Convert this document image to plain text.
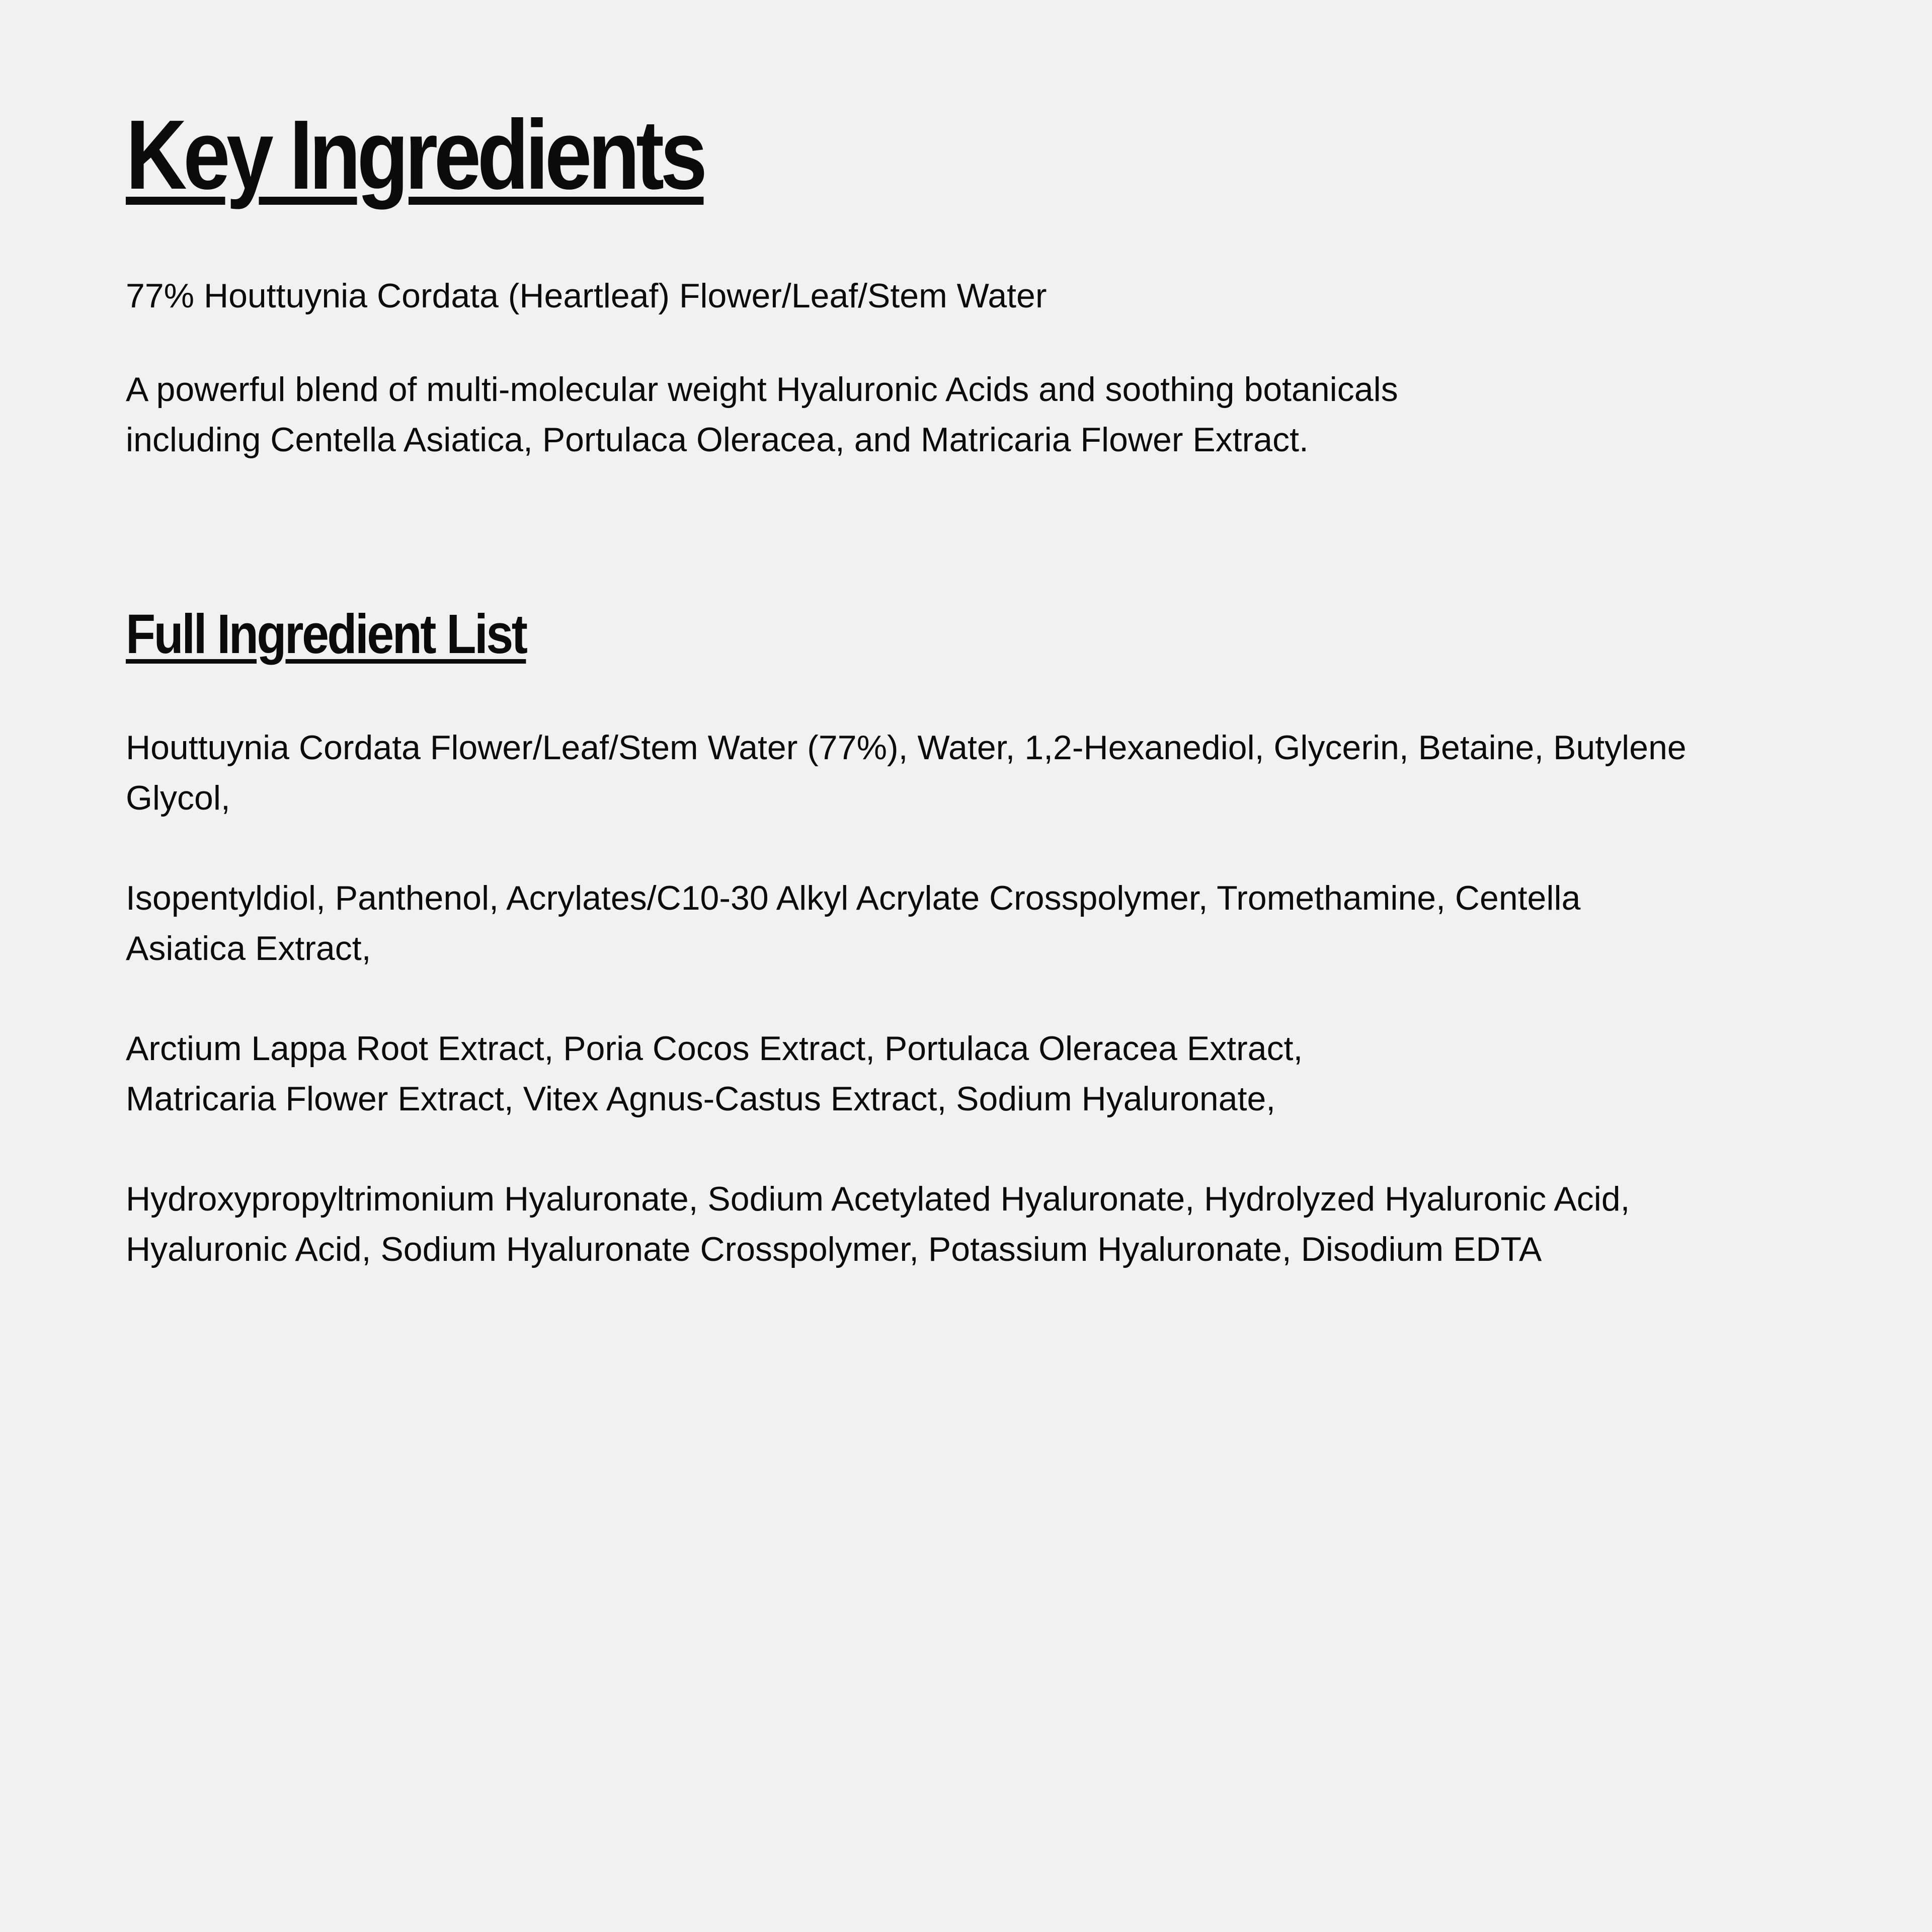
Key Ingredients

77% Houttuynia Cordata (Heartleaf) Flower/Leaf/Stem Water

A powerful blend of multi-molecular weight Hyaluronic Acids and soothing botanicals
including Centella Asiatica, Portulaca Oleracea, and Matricaria Flower Extract.

Full Ingredient List

Houttuynia Cordata Flower/Leaf/Stem Water (77%), Water, 1,2-Hexanediol, Glycerin, Betaine, Butylene
Glycol,

Isopentyldiol, Panthenol, Acrylates/C10-30 Alkyl Acrylate Crosspolymer, Tromethamine, Centella
Asiatica Extract,

Arctium Lappa Root Extract, Poria Cocos Extract, Portulaca Oleracea Extract,
Matricaria Flower Extract, Vitex Agnus-Castus Extract, Sodium Hyaluronate,

Hydroxypropyltrimonium Hyaluronate, Sodium Acetylated Hyaluronate, Hydrolyzed Hyaluronic Acid,
Hyaluronic Acid, Sodium Hyaluronate Crosspolymer, Potassium Hyaluronate, Disodium EDTA
